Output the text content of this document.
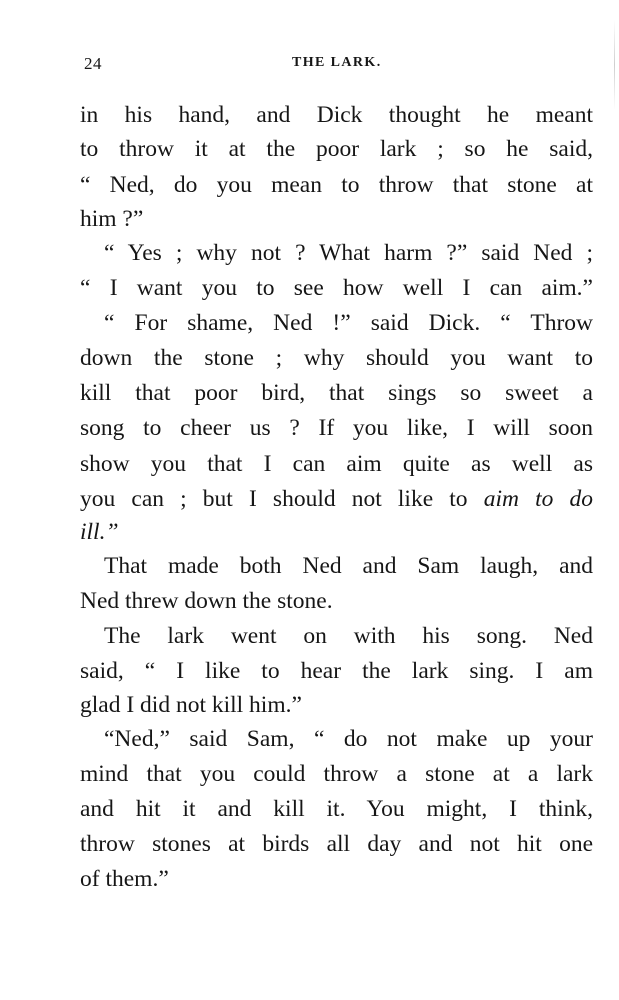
24	THE LARK.
in his hand, and Dick thought he meant
to throw it at the poor lark ; so he said,
“ Ned, do you mean to throw that stone at
him ?”
“ Yes ; why not ? What harm ?” said Ned ;
“ I want you to see how well I can aim.”
“ For shame, Ned !” said Dick. “ Throw
down the stone ; why should you want to
kill that poor bird, that sings so sweet a
song to cheer us ? If you like, I will soon
show you that I can aim quite as well as
you can ; but I should not like to aim to do
ill.”
That made both Ned and Sam laugh, and
Ned threw down the stone.
The lark went on with his song. Ned
said, “ I like to hear the lark sing. I am
glad I did not kill him.”
“Ned,” said Sam, “ do not make up your
mind that you could throw a stone at a lark
and hit it and kill it. You might, I think,
throw stones at birds all day and not hit one
of them.”
